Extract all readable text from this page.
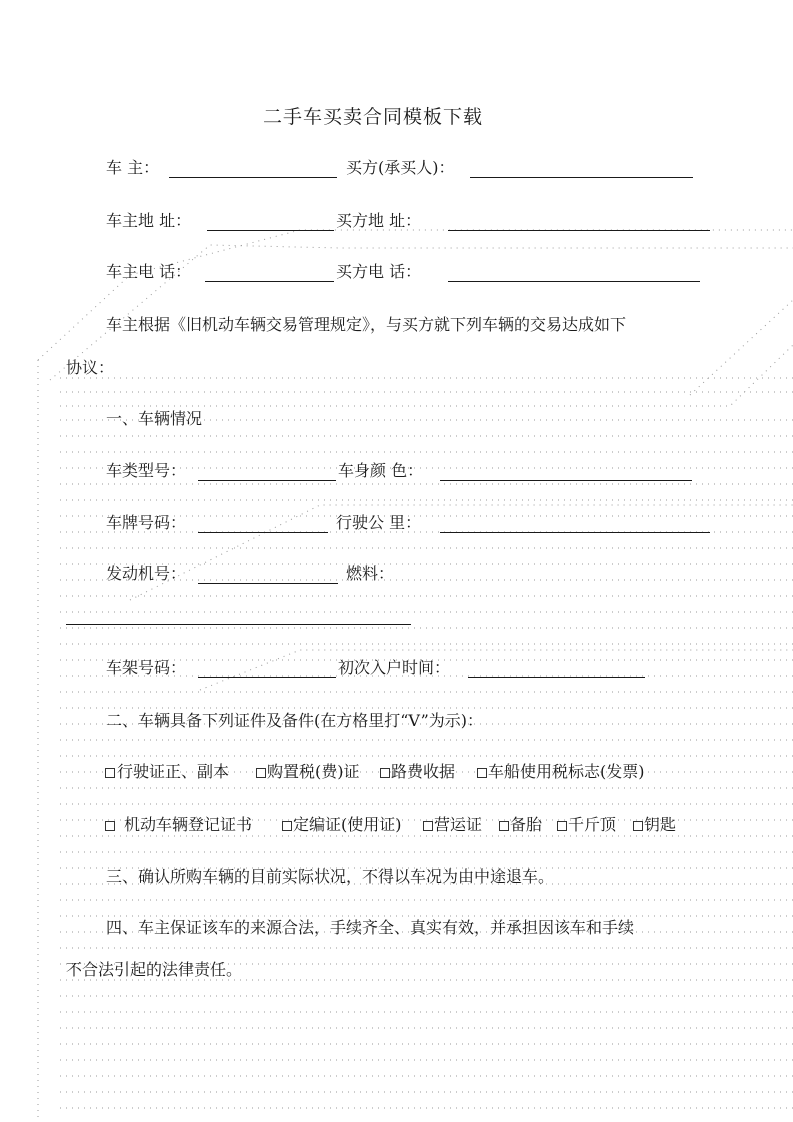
二手车买卖合同模板下载
车 主：	买方(承买人)：
车主地 址：	买方地 址：
车主电 话：	买方电 话：
车主根据《旧机动车辆交易管理规定》，与买方就下列车辆的交易达成如下
协议：
一、车辆情况
车类型号：	车身颜 色：
车牌号码：	行驶公 里：
发动机号：	燃料：
车架号码：	初次入户时间：
二、车辆具备下列证件及备件(在方格里打“V”为示)：
行驶证正、副本 购置税(费)证 路费收据 车船使用税标志(发票)
机动车辆登记证书	定编证(使用证) 营运证 备胎 千斤顶 钥匙
三、确认所购车辆的目前实际状况，不得以车况为由中途退车。
四、车主保证该车的来源合法，手续齐全、真实有效，并承担因该车和手续
不合法引起的法律责任。
